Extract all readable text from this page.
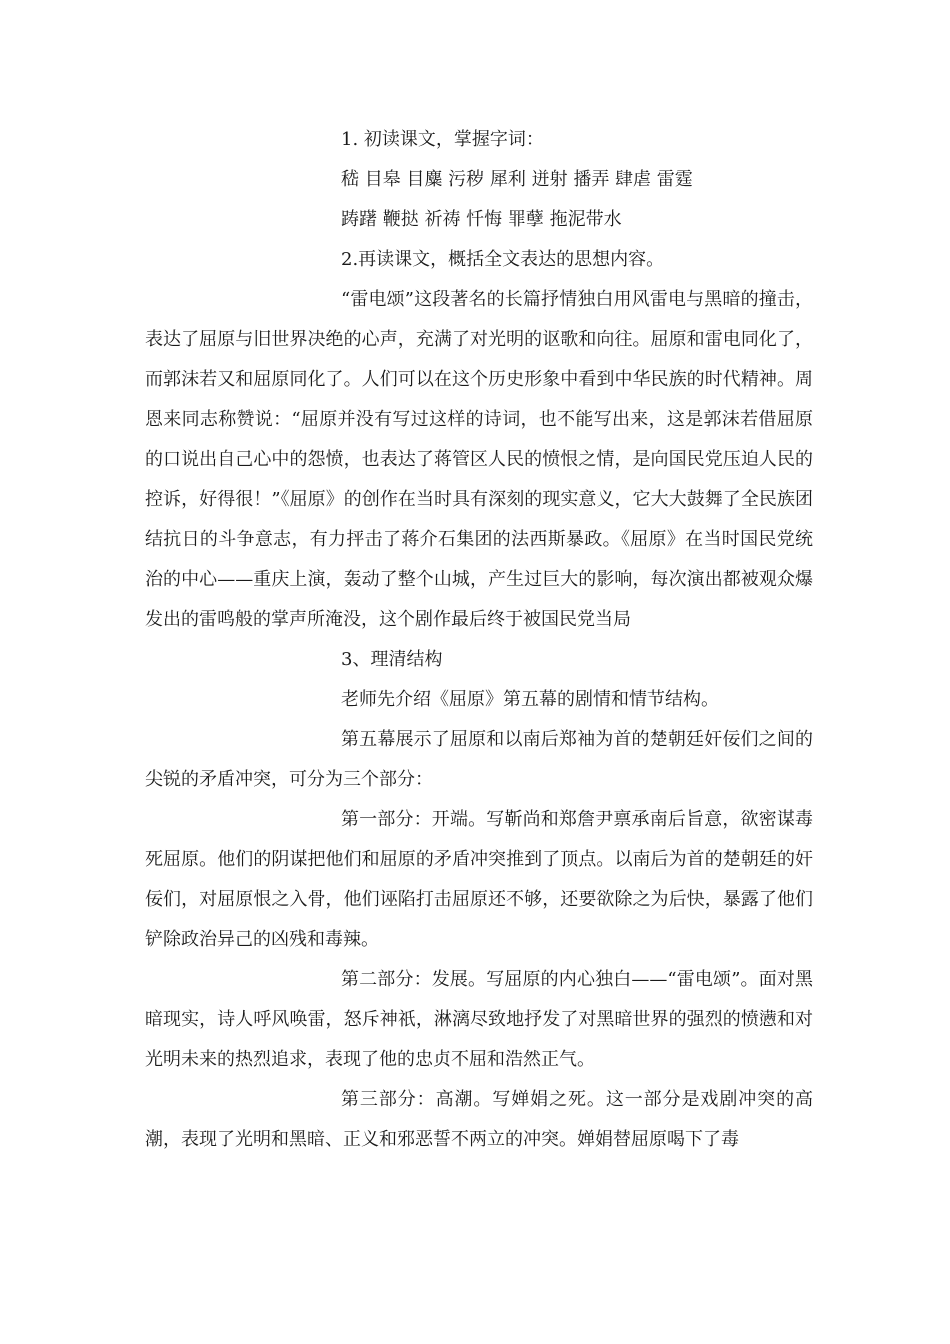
1. 初读课文，掌握字词：

嵇 目皋 目麋 污秽 犀利 迸射 播弄 肆虐 雷霆

踌躇 鞭挞 祈祷 忏悔 罪孽 拖泥带水

2.再读课文，概括全文表达的思想内容。

“雷电颂”这段著名的长篇抒情独白用风雷电与黑暗的撞击，表达了屈原与旧世界决绝的心声，充满了对光明的讴歌和向往。屈原和雷电同化了，而郭沫若又和屈原同化了。人们可以在这个历史形象中看到中华民族的时代精神。周恩来同志称赞说：“屈原并没有写过这样的诗词，也不能写出来，这是郭沫若借屈原的口说出自己心中的怨愤，也表达了蒋管区人民的愤恨之情，是向国民党压迫人民的控诉，好得很！”《屈原》的创作在当时具有深刻的现实意义，它大大鼓舞了全民族团结抗日的斗争意志，有力抨击了蒋介石集团的法西斯暴政。《屈原》在当时国民党统治的中心——重庆上演，轰动了整个山城，产生过巨大的影响，每次演出都被观众爆发出的雷鸣般的掌声所淹没，这个剧作最后终于被国民党当局

3、理清结构

老师先介绍《屈原》第五幕的剧情和情节结构。

第五幕展示了屈原和以南后郑袖为首的楚朝廷奸佞们之间的尖锐的矛盾冲突，可分为三个部分：

第一部分：开端。写靳尚和郑詹尹禀承南后旨意，欲密谋毒死屈原。他们的阴谋把他们和屈原的矛盾冲突推到了顶点。以南后为首的楚朝廷的奸佞们，对屈原恨之入骨，他们诬陷打击屈原还不够，还要欲除之为后快，暴露了他们铲除政治异己的凶残和毒辣。

第二部分：发展。写屈原的内心独白——“雷电颂”。面对黑暗现实，诗人呼风唤雷，怒斥神祇，淋漓尽致地抒发了对黑暗世界的强烈的愤懑和对光明未来的热烈追求，表现了他的忠贞不屈和浩然正气。

第三部分：高潮。写婵娟之死。这一部分是戏剧冲突的高潮，表现了光明和黑暗、正义和邪恶誓不两立的冲突。婵娟替屈原喝下了毒
